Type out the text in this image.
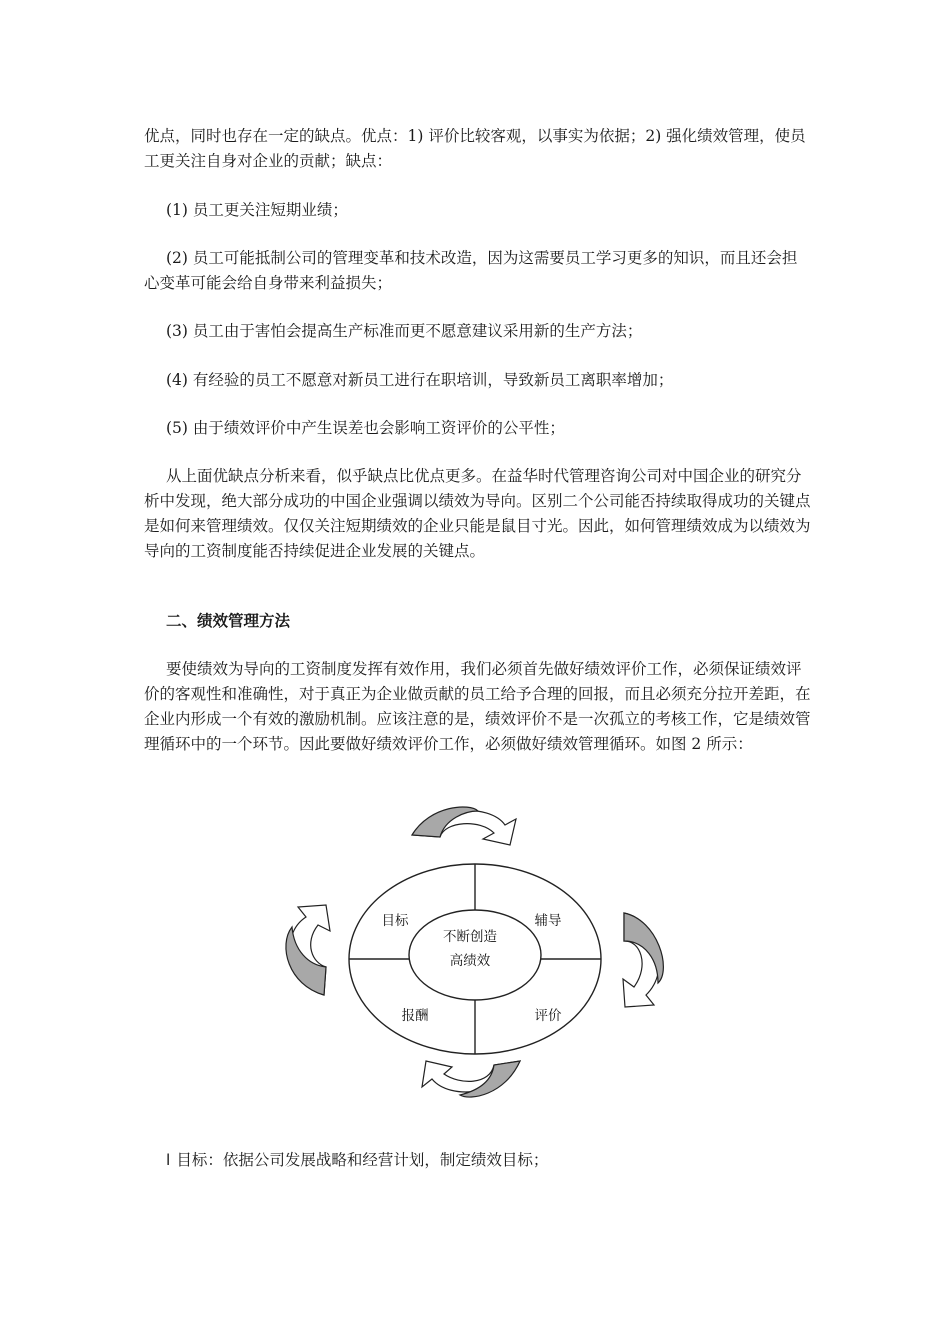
优点，同时也存在一定的缺点。优点：1) 评价比较客观，以事实为依据；2) 强化绩效管理，使员工更关注自身对企业的贡献；缺点：

(1) 员工更关注短期业绩；

(2) 员工可能抵制公司的管理变革和技术改造，因为这需要员工学习更多的知识，而且还会担心变革可能会给自身带来利益损失；

(3) 员工由于害怕会提高生产标准而更不愿意建议采用新的生产方法；

(4) 有经验的员工不愿意对新员工进行在职培训，导致新员工离职率增加；

(5) 由于绩效评价中产生误差也会影响工资评价的公平性；

从上面优缺点分析来看，似乎缺点比优点更多。在益华时代管理咨询公司对中国企业的研究分析中发现，绝大部分成功的中国企业强调以绩效为导向。区别二个公司能否持续取得成功的关键点是如何来管理绩效。仅仅关注短期绩效的企业只能是鼠目寸光。因此，如何管理绩效成为以绩效为导向的工资制度能否持续促进企业发展的关键点。

二、绩效管理方法

要使绩效为导向的工资制度发挥有效作用，我们必须首先做好绩效评价工作，必须保证绩效评价的客观性和准确性，对于真正为企业做贡献的员工给予合理的回报，而且必须充分拉开差距，在企业内形成一个有效的激励机制。应该注意的是，绩效评价不是一次孤立的考核工作，它是绩效管理循环中的一个环节。因此要做好绩效评价工作，必须做好绩效管理循环。如图 2 所示：

不断创造
高绩效
目标	辅导
报酬	评价
l 目标：依据公司发展战略和经营计划，制定绩效目标；
